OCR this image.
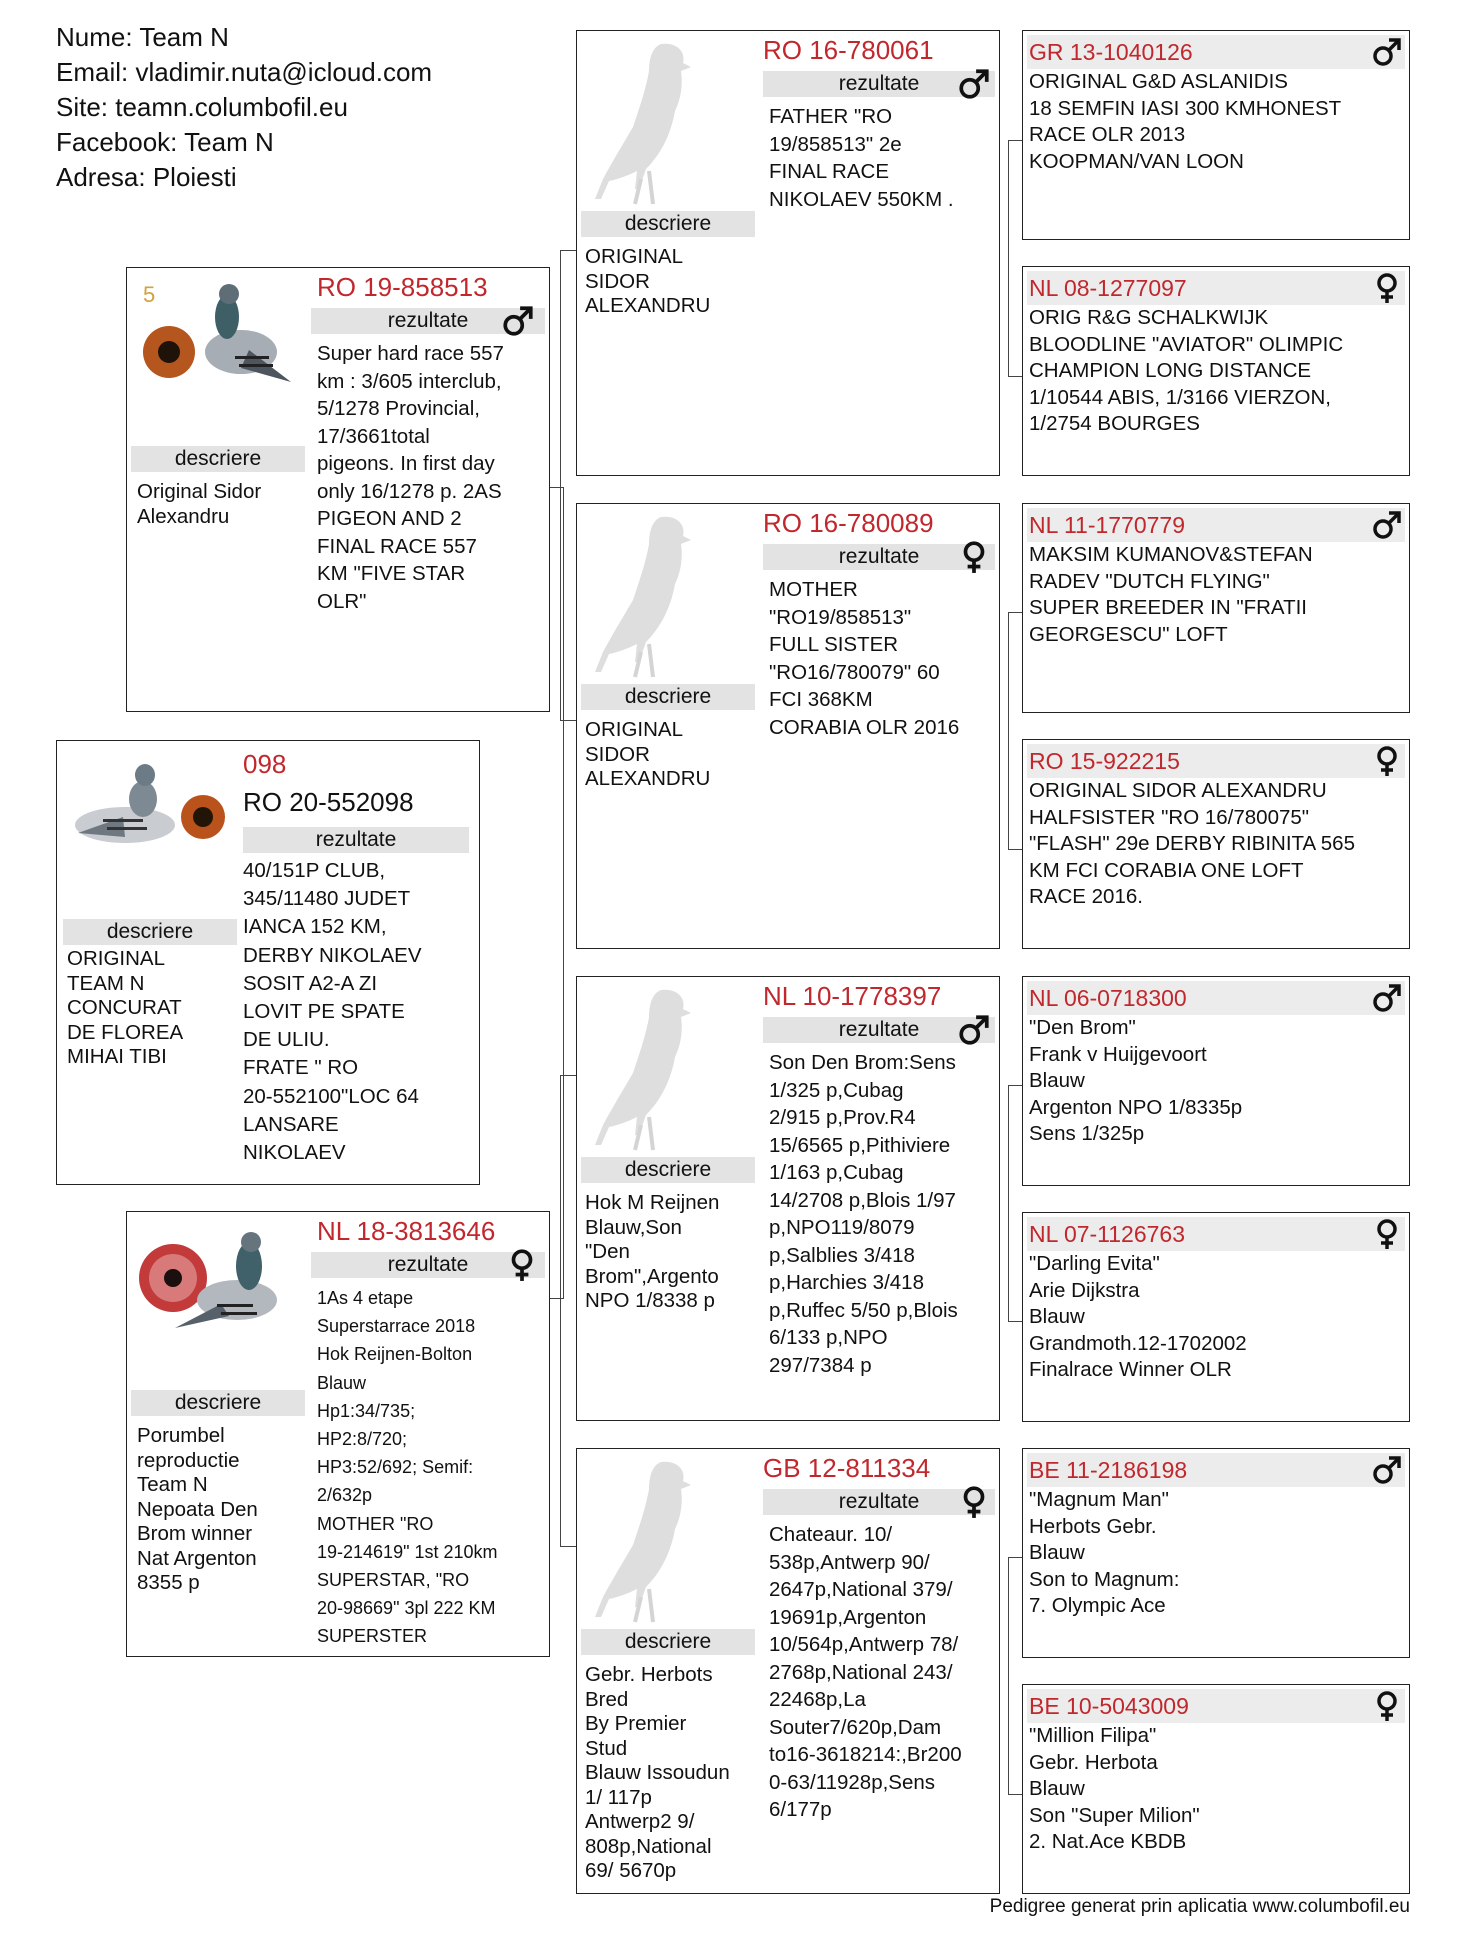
Nume: Team N
Email: vladimir.nuta@icloud.com
Site: teamn.columbofil.eu
Facebook: Team N
Adresa: Ploiesti
098
RO 20-552098
rezultate
40/151P CLUB,
345/11480 JUDET
IANCA 152 KM,
DERBY NIKOLAEV
SOSIT A2-A ZI
LOVIT PE SPATE
DE ULIU.
FRATE " RO
20-552100"LOC 64
LANSARE
NIKOLAEV
descriere
ORIGINAL
TEAM N
CONCURAT
DE FLOREA
MIHAI TIBI
5	RO 19-858513
rezultate
Super hard race 557
km : 3/605 interclub,
5/1278 Provincial,
17/3661total
pigeons. In first day
only 16/1278 p. 2AS
PIGEON AND 2
FINAL RACE 557
KM "FIVE STAR
OLR"
descriere
Original Sidor
Alexandru
NL 18-3813646
rezultate
1As 4 etape
Superstarrace 2018
Hok Reijnen-Bolton
Blauw
Hp1:34/735;
HP2:8/720;
HP3:52/692; Semif:
2/632p
MOTHER "RO
19-214619" 1st 210km
SUPERSTAR, "RO
20-98669" 3pl 222 KM
SUPERSTER
descriere
Porumbel
reproductie
Team N
Nepoata Den
Brom winner
Nat Argenton
8355 p
RO 16-780061
rezultate
FATHER "RO
19/858513" 2e
FINAL RACE
NIKOLAEV 550KM .
descriere
ORIGINAL
SIDOR
ALEXANDRU
RO 16-780089
rezultate
MOTHER
"RO19/858513"
FULL SISTER
"RO16/780079" 60
FCI 368KM
CORABIA OLR 2016
descriere
ORIGINAL
SIDOR
ALEXANDRU
NL 10-1778397
rezultate
Son Den Brom:Sens
1/325 p,Cubag
2/915 p,Prov.R4
15/6565 p,Pithiviere
1/163 p,Cubag
14/2708 p,Blois 1/97
p,NPO119/8079
p,Salblies 3/418
p,Harchies 3/418
p,Ruffec 5/50 p,Blois
6/133 p,NPO
297/7384 p
descriere
Hok M Reijnen
Blauw,Son
"Den
Brom",Argento
NPO 1/8338 p
GB 12-811334
rezultate
Chateaur. 10/
538p,Antwerp 90/
2647p,National 379/
19691p,Argenton
10/564p,Antwerp 78/
2768p,National 243/
22468p,La
Souter7/620p,Dam
to16-3618214:,Br200
0-63/11928p,Sens
6/177p
descriere
Gebr. Herbots
Bred
By Premier
Stud
Blauw Issoudun
1/ 117p
Antwerp2 9/
808p,National
69/ 5670p
GR 13-1040126
ORIGINAL G&D ASLANIDIS
18 SEMFIN IASI 300 KMHONEST
RACE OLR 2013
KOOPMAN/VAN LOON
NL 08-1277097
ORIG R&G SCHALKWIJK
BLOODLINE "AVIATOR" OLIMPIC
CHAMPION LONG DISTANCE
1/10544 ABIS, 1/3166 VIERZON,
1/2754 BOURGES
NL 11-1770779
MAKSIM KUMANOV&STEFAN
RADEV "DUTCH FLYING"
SUPER BREEDER IN "FRATII
GEORGESCU" LOFT
RO 15-922215
ORIGINAL SIDOR ALEXANDRU
HALFSISTER "RO 16/780075"
"FLASH" 29e DERBY RIBINITA 565
KM FCI CORABIA ONE LOFT
RACE 2016.
NL 06-0718300
"Den Brom"
Frank v Huijgevoort
Blauw
Argenton NPO 1/8335p
Sens 1/325p
NL 07-1126763
"Darling Evita"
Arie Dijkstra
Blauw
Grandmoth.12-1702002
Finalrace Winner OLR
BE 11-2186198
"Magnum Man"
Herbots Gebr.
Blauw
Son to Magnum:
7. Olympic Ace
BE 10-5043009
"Million Filipa"
Gebr. Herbota
Blauw
Son "Super Milion"
2. Nat.Ace KBDB
Pedigree generat prin aplicatia www.columbofil.eu
